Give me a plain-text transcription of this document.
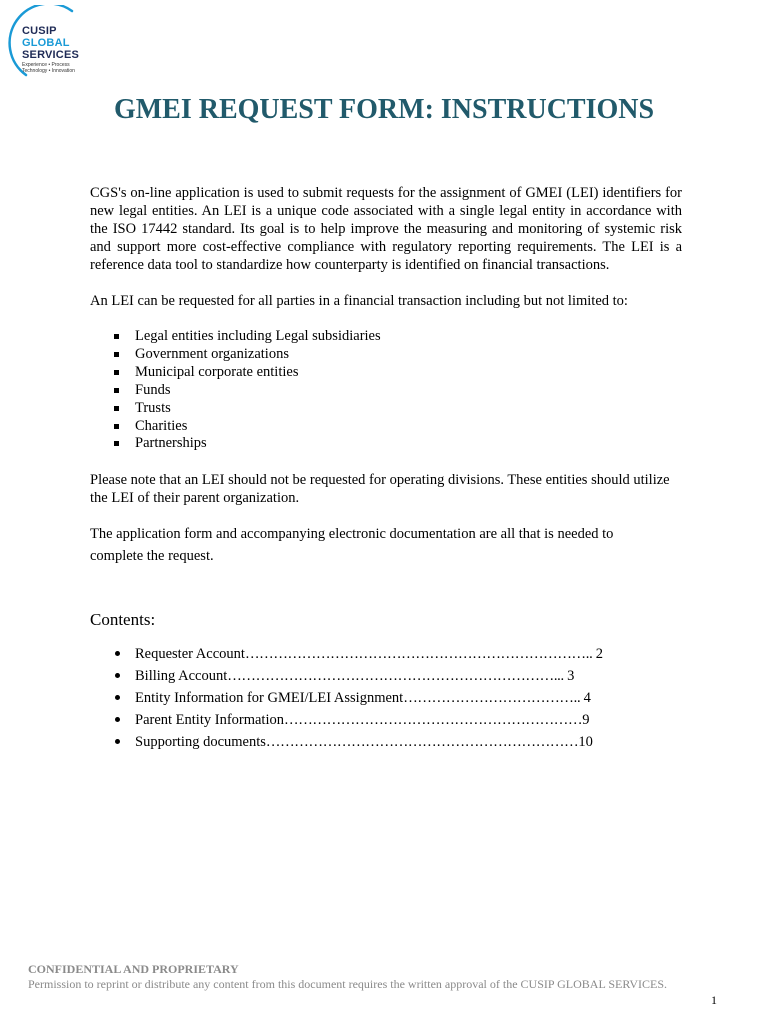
CUSIP
GLOBAL
SERVICES
Experience • Process
Technology • Innovation
GMEI REQUEST FORM: INSTRUCTIONS

CGS's on-line application is used to submit requests for the assignment of GMEI (LEI) identifiers for new legal entities. An LEI is a unique code associated with a single legal entity in accordance with the ISO 17442 standard. Its goal is to help improve the measuring and monitoring of systemic risk and support more cost-effective compliance with regulatory reporting requirements. The LEI is a reference data tool to standardize how counterparty is identified on financial transactions.

An LEI can be requested for all parties in a financial transaction including but not limited to:

Legal entities including Legal subsidiaries
Government organizations
Municipal corporate entities
Funds
Trusts
Charities
Partnerships

Please note that an LEI should not be requested for operating divisions. These entities should utilize the LEI of their parent organization.

The application form and accompanying electronic documentation are all that is needed to

complete the request.

Contents:

Requester Account……………………………………………………………….. 2
Billing Account……………………………………………………………... 3
Entity Information for GMEI/LEI Assignment……………………………….. 4
Parent Entity Information………………………………………………………9
Supporting documents…………………………………………………………10
CONFIDENTIAL AND PROPRIETARY
Permission to reprint or distribute any content from this document requires the written approval of the CUSIP GLOBAL SERVICES.
1
